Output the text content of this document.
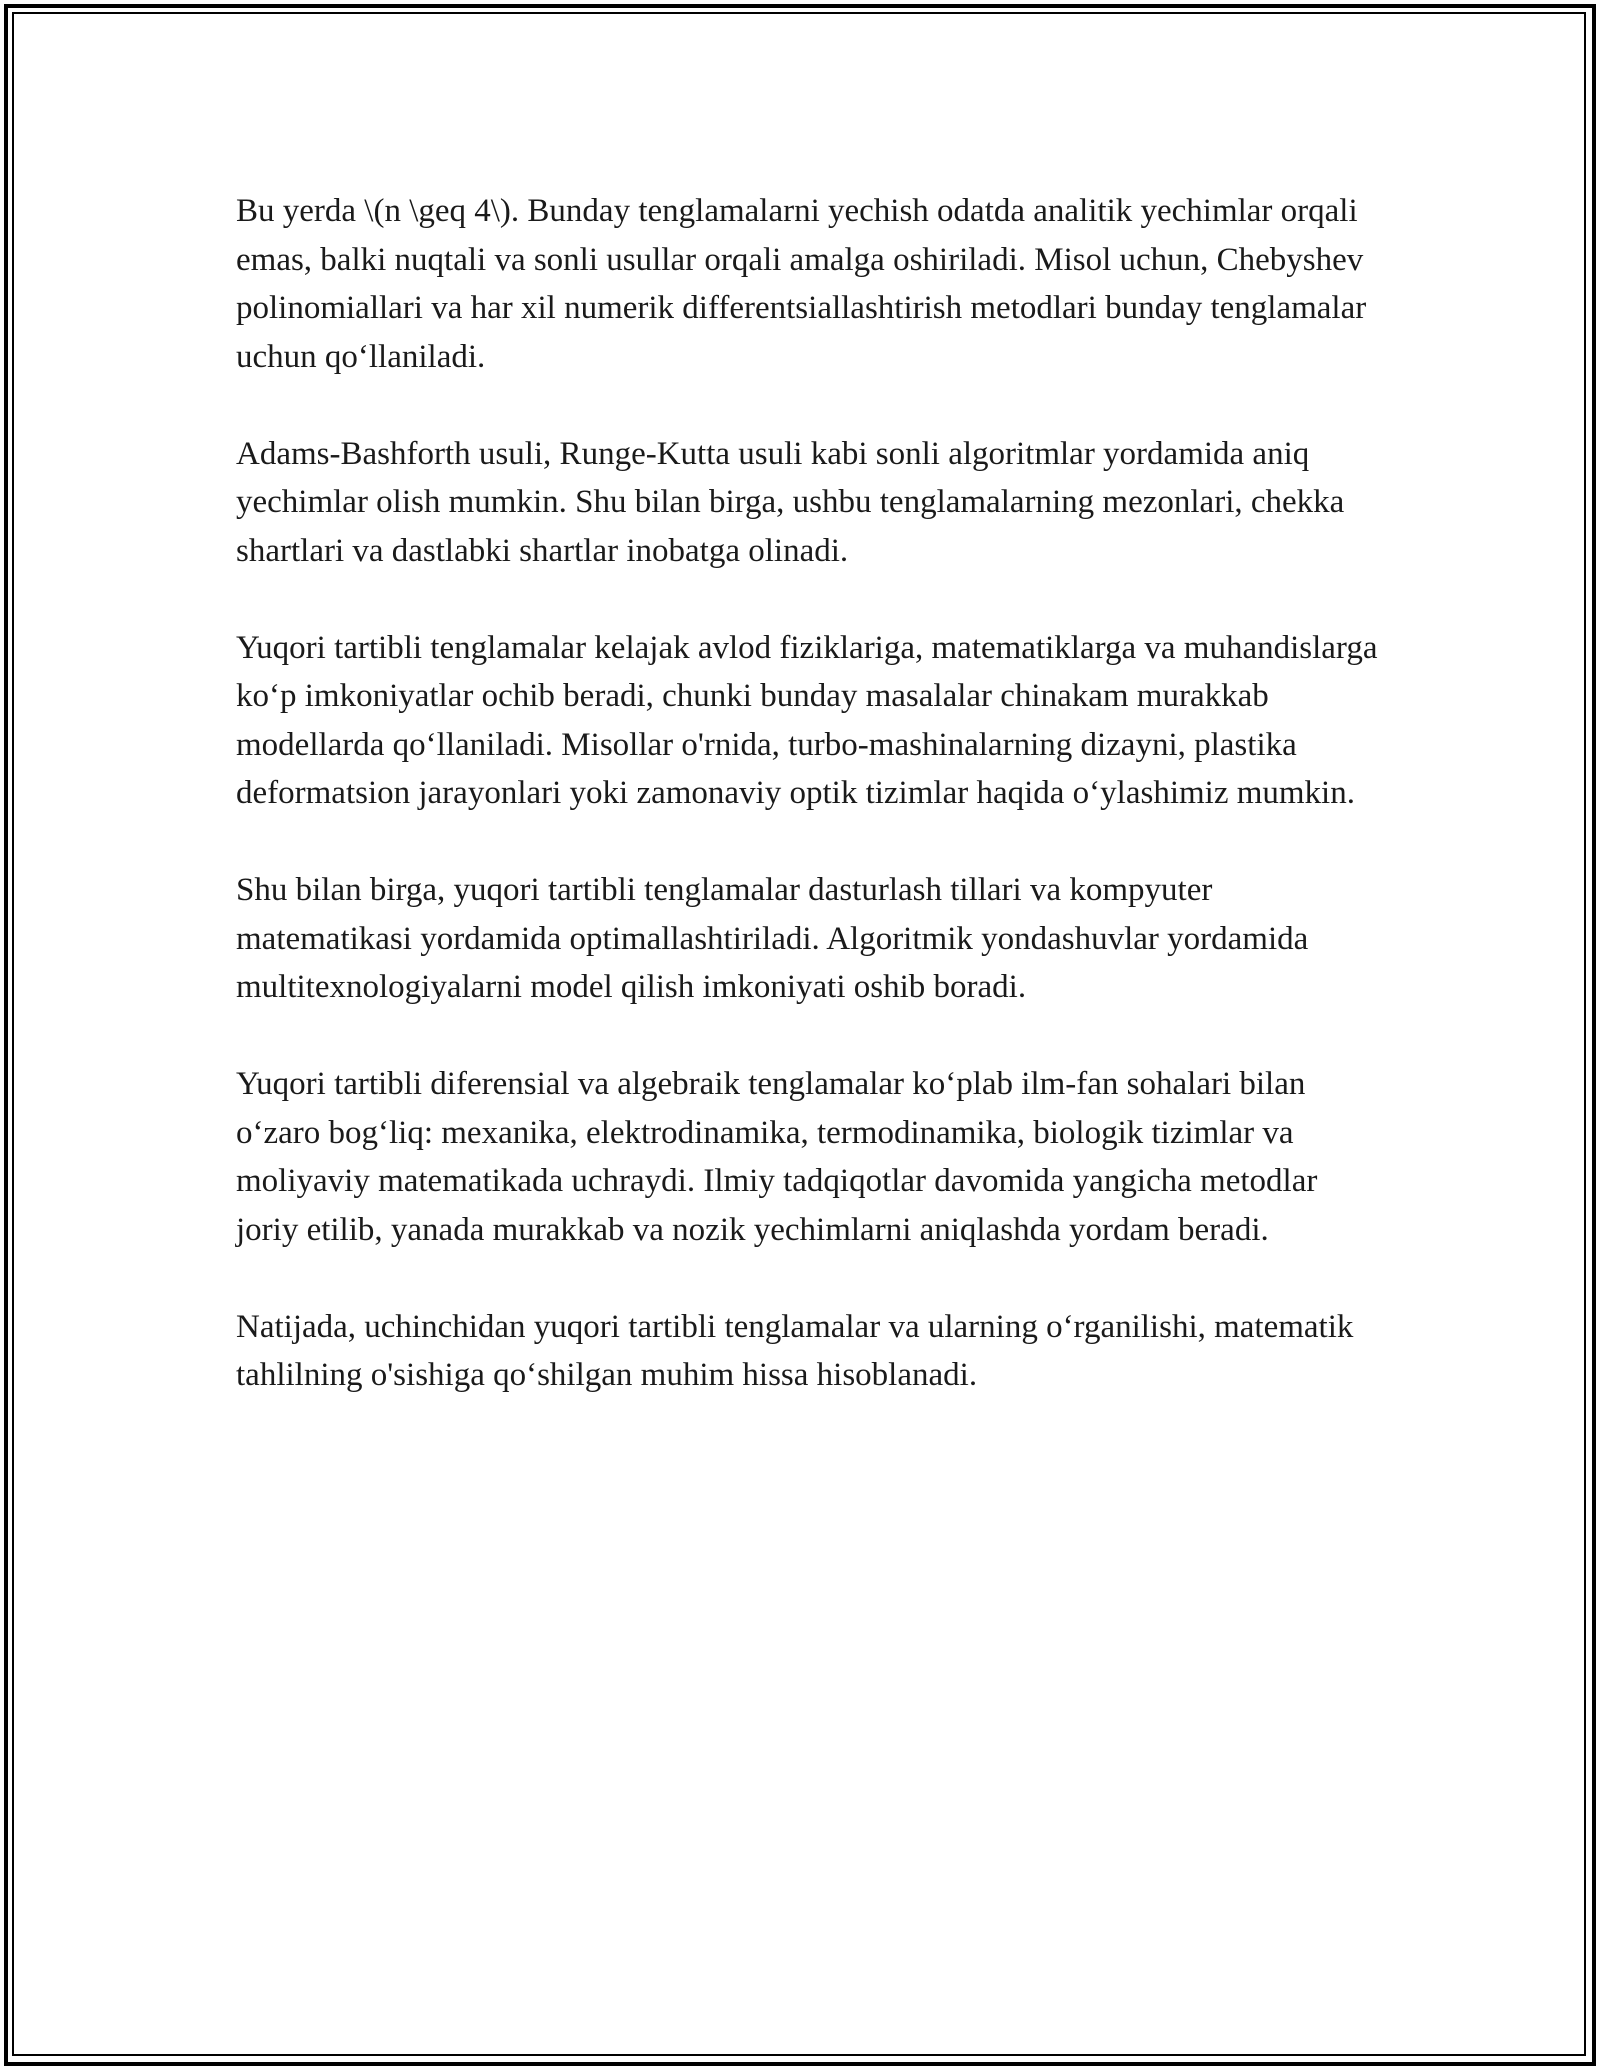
Bu yerda \(n \geq 4\). Bunday tenglamalarni yechish odatda analitik yechimlar orqali emas, balki nuqtali va sonli usullar orqali amalga oshiriladi. Misol uchun, Chebyshev polinomiallari va har xil numerik differentsiallashtirish metodlari bunday tenglamalar uchun qoʻllaniladi.

Adams-Bashforth usuli, Runge-Kutta usuli kabi sonli algoritmlar yordamida aniq yechimlar olish mumkin. Shu bilan birga, ushbu tenglamalarning mezonlari, chekka shartlari va dastlabki shartlar inobatga olinadi.

Yuqori tartibli tenglamalar kelajak avlod fiziklariga, matematiklarga va muhandislarga koʻp imkoniyatlar ochib beradi, chunki bunday masalalar chinakam murakkab modellarda qoʻllaniladi. Misollar o'rnida, turbo-mashinalarning dizayni, plastika deformatsion jarayonlari yoki zamonaviy optik tizimlar haqida oʻylashimiz mumkin.

Shu bilan birga, yuqori tartibli tenglamalar dasturlash tillari va kompyuter matematikasi yordamida optimallashtiriladi. Algoritmik yondashuvlar yordamida multitexnologiyalarni model qilish imkoniyati oshib boradi.

Yuqori tartibli diferensial va algebraik tenglamalar koʻplab ilm-fan sohalari bilan oʻzaro bogʻliq: mexanika, elektrodinamika, termodinamika, biologik tizimlar va moliyaviy matematikada uchraydi. Ilmiy tadqiqotlar davomida yangicha metodlar joriy etilib, yanada murakkab va nozik yechimlarni aniqlashda yordam beradi.

Natijada, uchinchidan yuqori tartibli tenglamalar va ularning oʻrganilishi, matematik tahlilning o'sishiga qoʻshilgan muhim hissa hisoblanadi.
